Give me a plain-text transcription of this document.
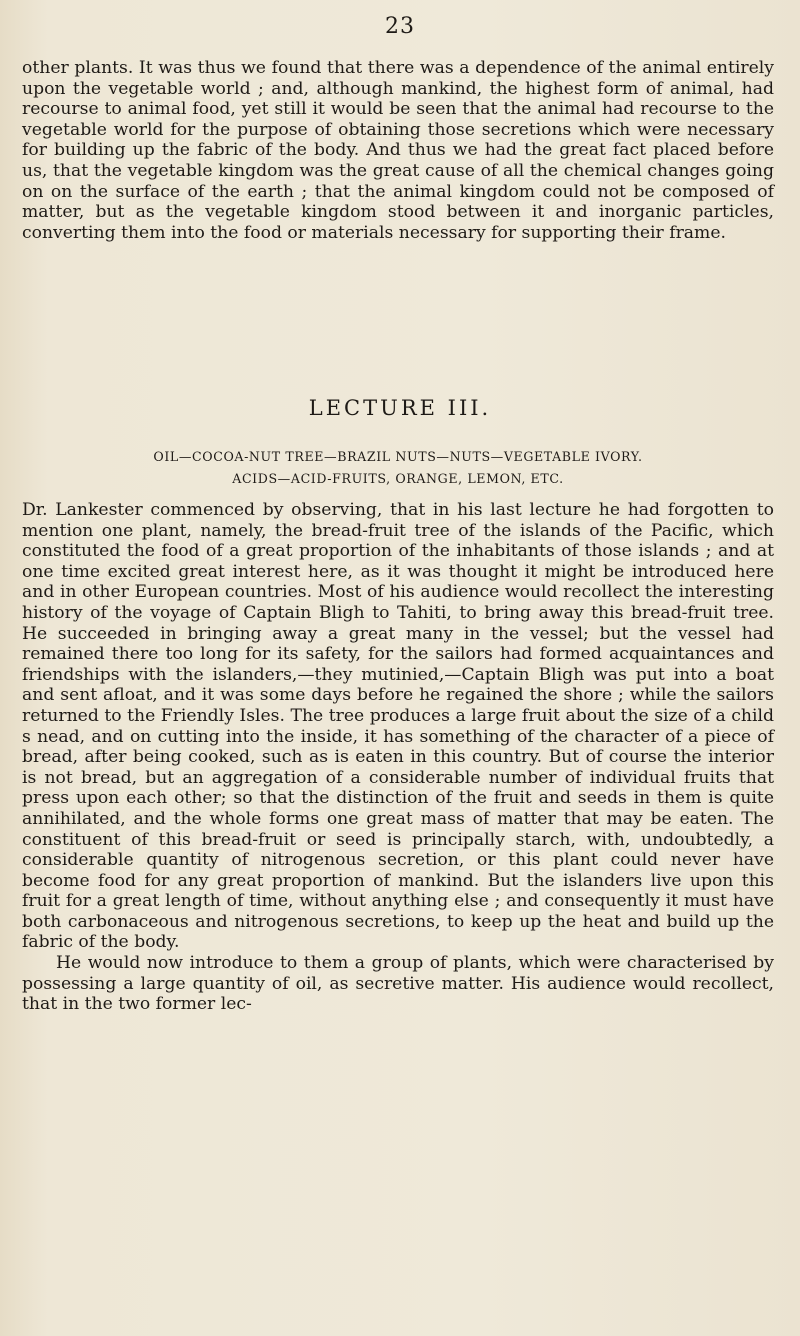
23

other plants. It was thus we found that there was a dependence of the animal entirely upon the vegetable world ; and, although mankind, the highest form of animal, had recourse to animal food, yet still it would be seen that the animal had recourse to the vegetable world for the purpose of obtaining those secretions which were necessary for building up the fabric of the body. And thus we had the great fact placed before us, that the vegetable kingdom was the great cause of all the chemical changes going on on the surface of the earth ; that the animal kingdom could not be composed of matter, but as the vegetable kingdom stood between it and inorganic particles, converting them into the food or materials necessary for supporting their frame.

LECTURE III.
OIL—COCOA-NUT TREE—BRAZIL NUTS—NUTS—VEGETABLE IVORY.
ACIDS—ACID-FRUITS, ORANGE, LEMON, ETC.

Dr. Lankester commenced by observing, that in his last lecture he had forgotten to mention one plant, namely, the bread-fruit tree of the islands of the Pacific, which constituted the food of a great proportion of the inhabitants of those islands ; and at one time excited great interest here, as it was thought it might be introduced here and in other European countries. Most of his audience would recollect the interesting history of the voyage of Captain Bligh to Tahiti, to bring away this bread-fruit tree. He succeeded in bringing away a great many in the vessel; but the vessel had remained there too long for its safety, for the sailors had formed acquaintances and friendships with the islanders,—they mutinied,—Captain Bligh was put into a boat and sent afloat, and it was some days before he regained the shore ; while the sailors returned to the Friendly Isles. The tree produces a large fruit about the size of a child s nead, and on cutting into the inside, it has something of the character of a piece of bread, after being cooked, such as is eaten in this country. But of course the interior is not bread, but an aggregation of a considerable number of individual fruits that press upon each other; so that the distinction of the fruit and seeds in them is quite annihilated, and the whole forms one great mass of matter that may be eaten. The constituent of this bread-fruit or seed is principally starch, with, undoubtedly, a considerable quantity of nitrogenous secretion, or this plant could never have become food for any great proportion of mankind. But the islanders live upon this fruit for a great length of time, without anything else ; and consequently it must have both carbonaceous and nitrogenous secretions, to keep up the heat and build up the fabric of the body.

He would now introduce to them a group of plants, which were characterised by possessing a large quantity of oil, as secretive matter. His audience would recollect, that in the two former lec-
